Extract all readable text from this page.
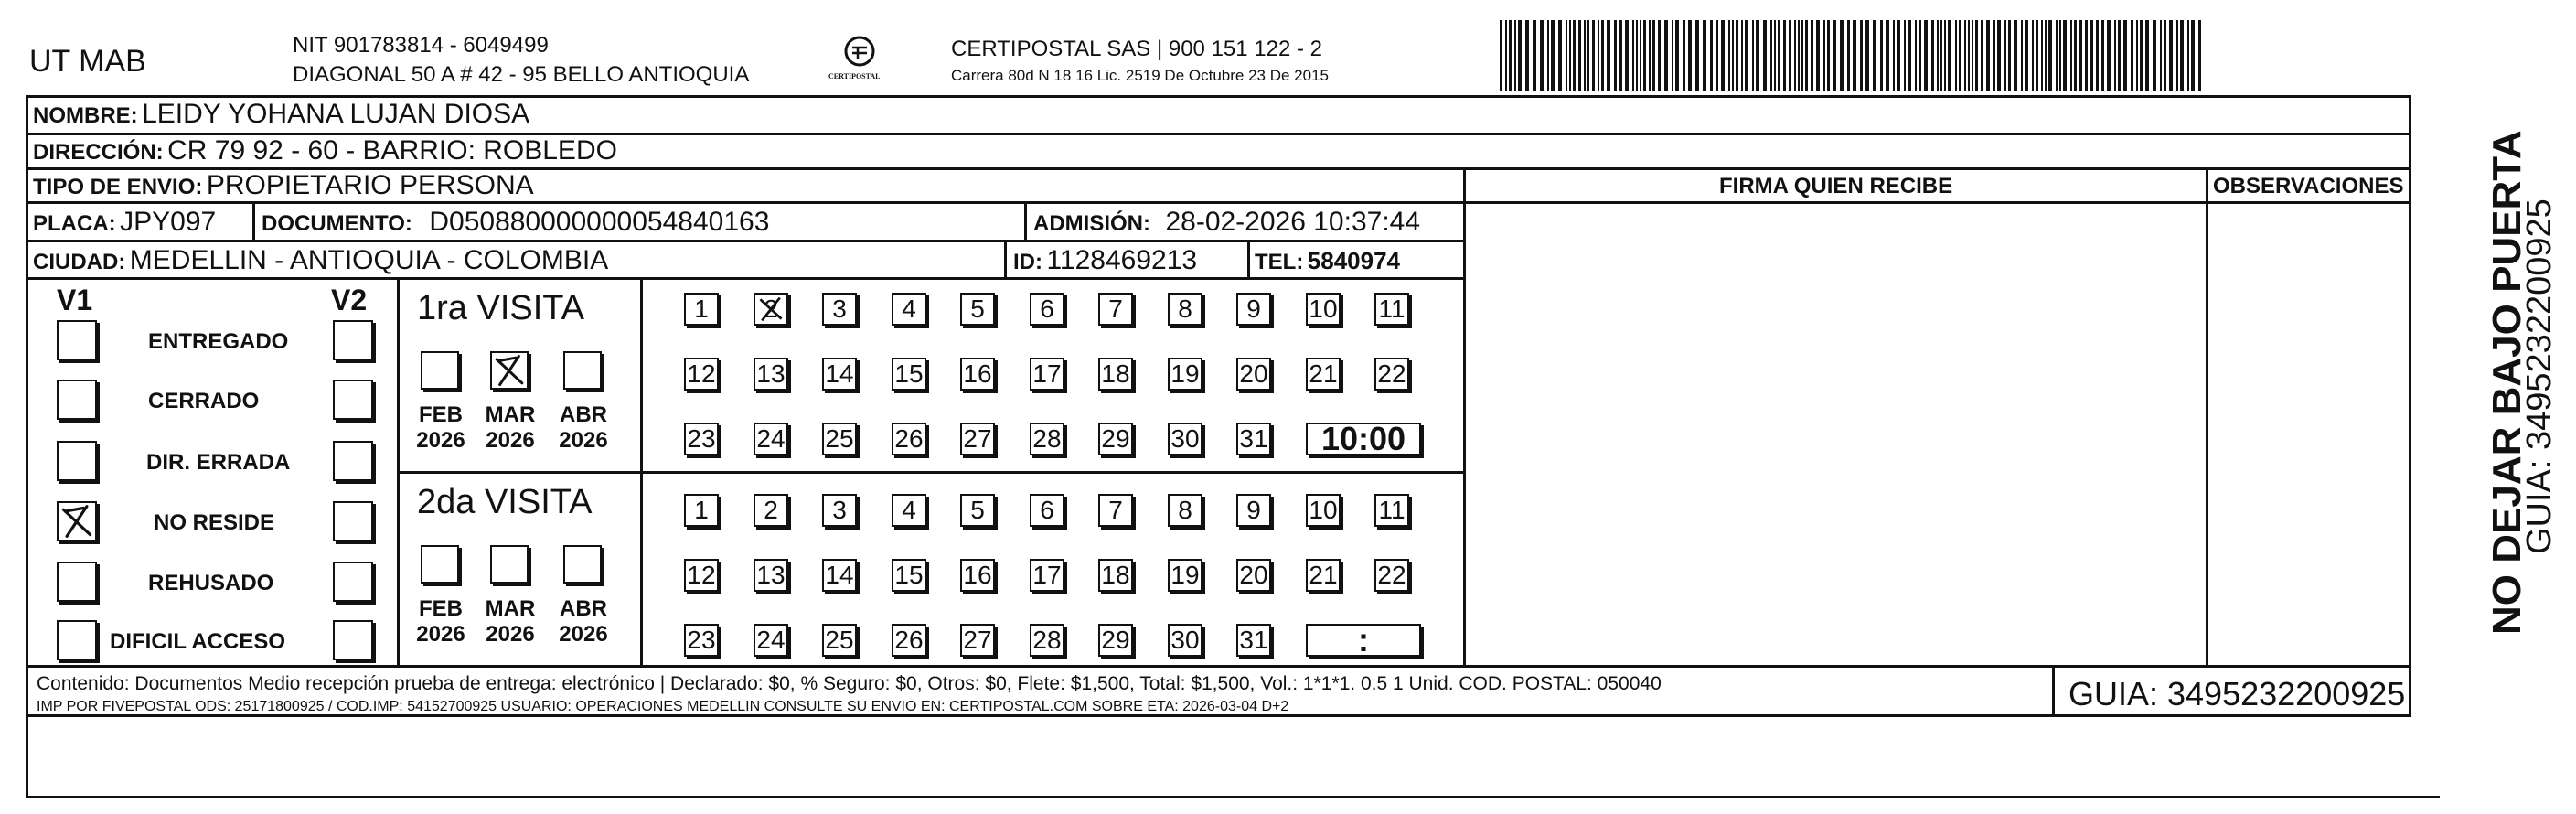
UT MAB	NIT 901783814 - 6049499
DIAGONAL 50 A # 42 - 95 BELLO ANTIOQUIA	CERTIPOSTAL
CERTIPOSTAL SAS | 900 151 122 - 2
Carrera 80d N 18 16 Lic. 2519 De Octubre 23 De 2015
NOMBRE: LEIDY YOHANA LUJAN DIOSA
DIRECCIÓN: CR 79 92 - 60 - BARRIO: ROBLEDO
TIPO DE ENVIO: PROPIETARIO PERSONA
PLACA: JPY097 DOCUMENTO: D050880000000054840163	ADMISIÓN: 28-02-2026 10:37:44
CIUDAD: MEDELLIN - ANTIOQUIA - COLOMBIA	ID: 1128469213	TEL: 5840974
FIRMA QUIEN RECIBE	OBSERVACIONES
V1	V2
ENTREGADO
CERRADO
DIR. ERRADA
NO RESIDE
REHUSADO
DIFICIL ACCESO
1ra VISITA
2da VISITA
FEB
2026
MAR
2026
ABR
2026
FEB
2026
MAR
2026
ABR
2026
1	2	3	4	5	6	7	8	9	10 11
12 13 14 15 16 17 18 19 20 21 22
23 24 25 26 27 28 29 30 31	10:00
1	2	3	4	5	6	7	8	9	10 11
12 13 14 15 16 17 18 19 20 21 22
23 24 25 26 27 28 29 30 31	:
Contenido: Documentos Medio recepción prueba de entrega: electrónico | Declarado: $0, % Seguro: $0, Otros: $0, Flete: $1,500, Total: $1,500, Vol.: 1*1*1. 0.5 1 Unid. COD. POSTAL: 050040
IMP POR FIVEPOSTAL ODS: 25171800925 / COD.IMP: 54152700925 USUARIO: OPERACIONES MEDELLIN CONSULTE SU ENVIO EN: CERTIPOSTAL.COM SOBRE ETA: 2026-03-04 D+2	GUIA: 3495232200925
NO DEJAR BAJO PUERTA
GUIA: 3495232200925
